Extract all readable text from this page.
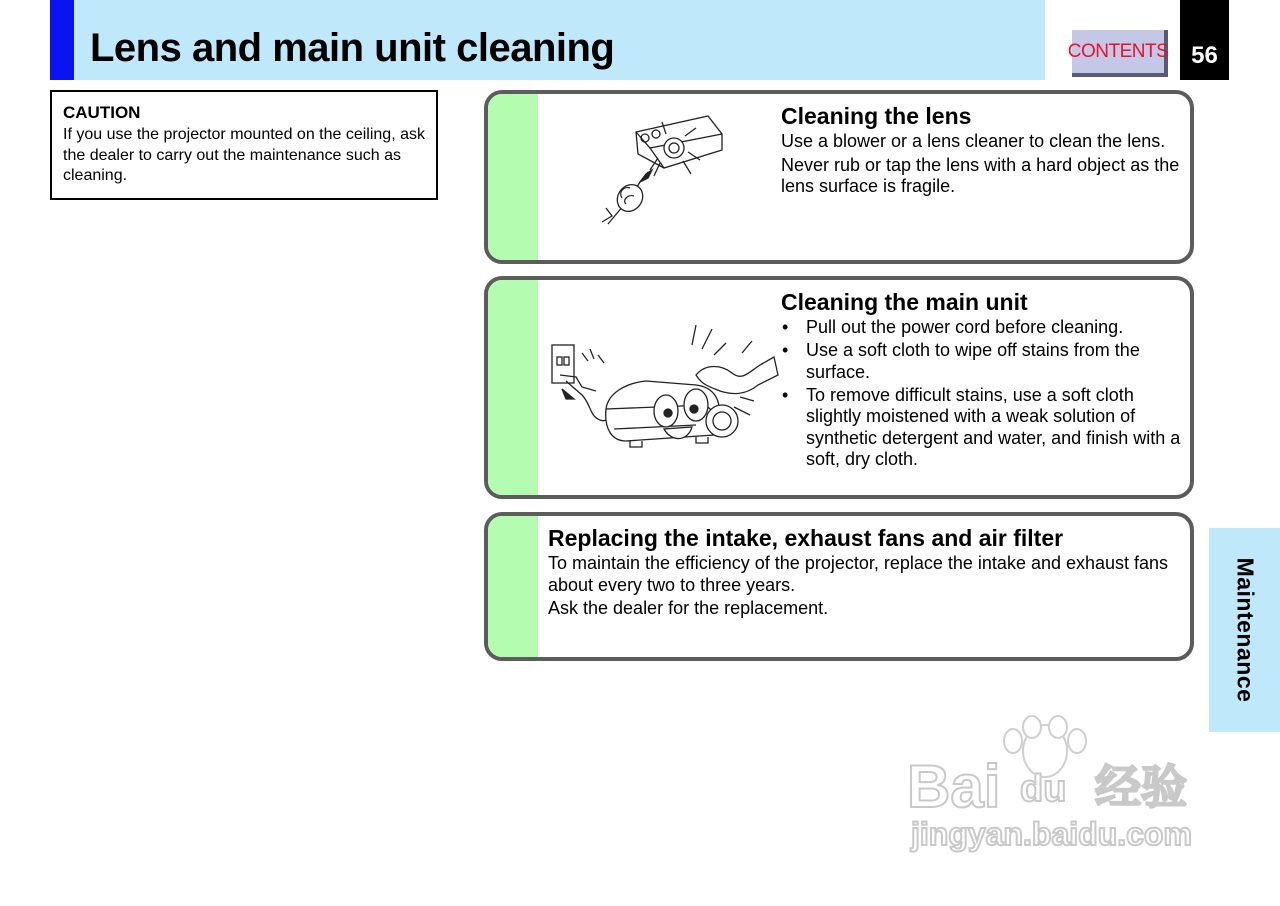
Lens and main unit cleaning	CONTENTS 56
CAUTION
If you use the projector mounted on the ceiling, ask the dealer to carry out the maintenance such as cleaning.
Cleaning the lens

Use a blower or a lens cleaner to clean the lens.

Never rub or tap the lens with a hard object as the lens surface is fragile.

Cleaning the main unit
• Pull out the power cord before cleaning.
• Use a soft cloth to wipe off stains from the surface.
• To remove difficult stains, use a soft cloth slightly moistened with a weak solution of synthetic detergent and water, and finish with a soft, dry cloth.
Replacing the intake, exhaust fans and air filter

To maintain the efficiency of the projector, replace the intake and exhaust fans about every two to three years.

Ask the dealer for the replacement.	Maintenance
Bai du 经验
jingyan.baidu.com
